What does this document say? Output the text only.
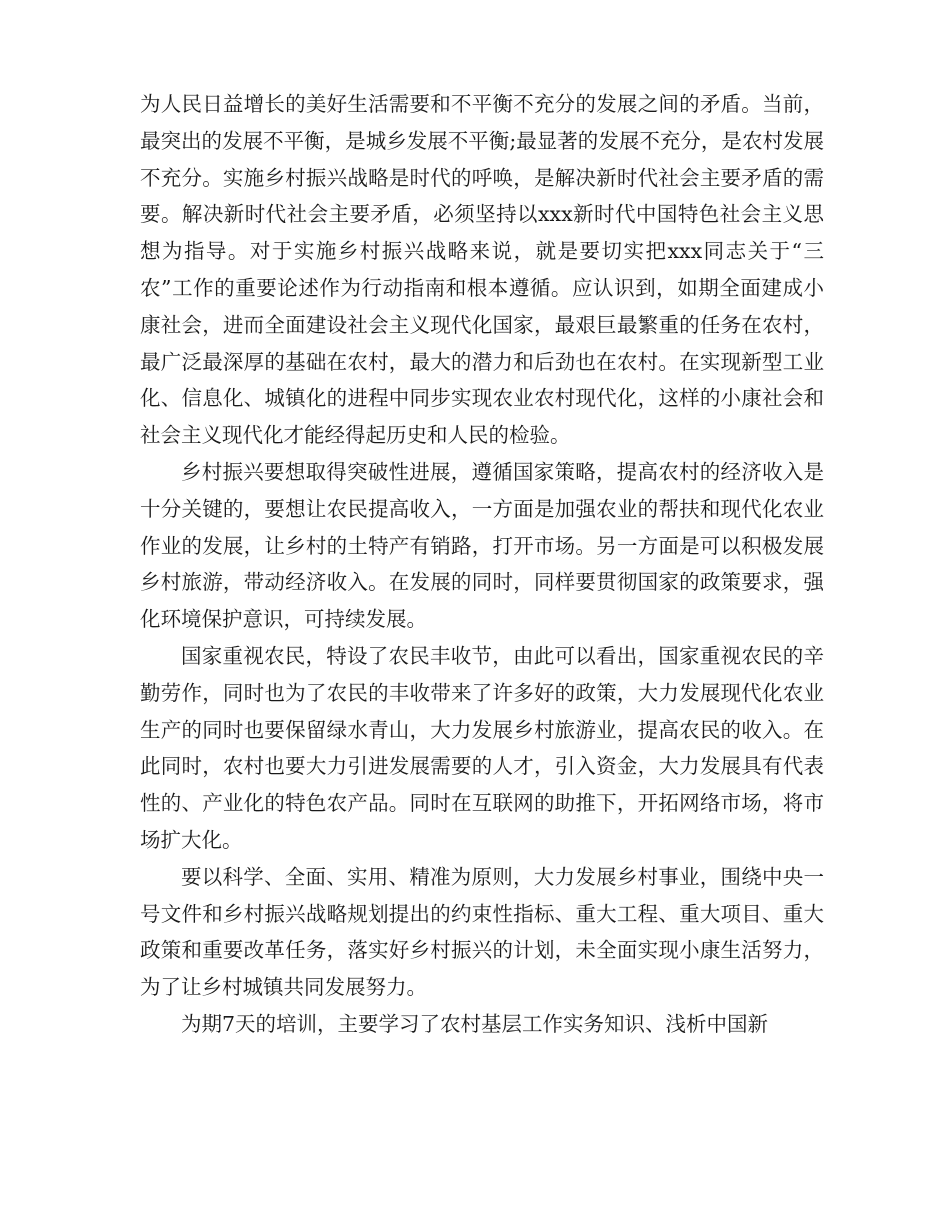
为人民日益增长的美好生活需要和不平衡不充分的发展之间的矛盾。当前，最突出的发展不平衡，是城乡发展不平衡;最显著的发展不充分，是农村发展不充分。实施乡村振兴战略是时代的呼唤，是解决新时代社会主要矛盾的需要。解决新时代社会主要矛盾，必须坚持以xxx新时代中国特色社会主义思想为指导。对于实施乡村振兴战略来说，就是要切实把xxx同志关于“三农”工作的重要论述作为行动指南和根本遵循。应认识到，如期全面建成小康社会，进而全面建设社会主义现代化国家，最艰巨最繁重的任务在农村，最广泛最深厚的基础在农村，最大的潜力和后劲也在农村。在实现新型工业化、信息化、城镇化的进程中同步实现农业农村现代化，这样的小康社会和社会主义现代化才能经得起历史和人民的检验。

乡村振兴要想取得突破性进展，遵循国家策略，提高农村的经济收入是十分关键的，要想让农民提高收入，一方面是加强农业的帮扶和现代化农业作业的发展，让乡村的土特产有销路，打开市场。另一方面是可以积极发展乡村旅游，带动经济收入。在发展的同时，同样要贯彻国家的政策要求，强化环境保护意识，可持续发展。

国家重视农民，特设了农民丰收节，由此可以看出，国家重视农民的辛勤劳作，同时也为了农民的丰收带来了许多好的政策，大力发展现代化农业生产的同时也要保留绿水青山，大力发展乡村旅游业，提高农民的收入。在此同时，农村也要大力引进发展需要的人才，引入资金，大力发展具有代表性的、产业化的特色农产品。同时在互联网的助推下，开拓网络市场，将市场扩大化。

要以科学、全面、实用、精准为原则，大力发展乡村事业，围绕中央一号文件和乡村振兴战略规划提出的约束性指标、重大工程、重大项目、重大政策和重要改革任务，落实好乡村振兴的计划，未全面实现小康生活努力，为了让乡村城镇共同发展努力。

为期7天的培训，主要学习了农村基层工作实务知识、浅析中国新
